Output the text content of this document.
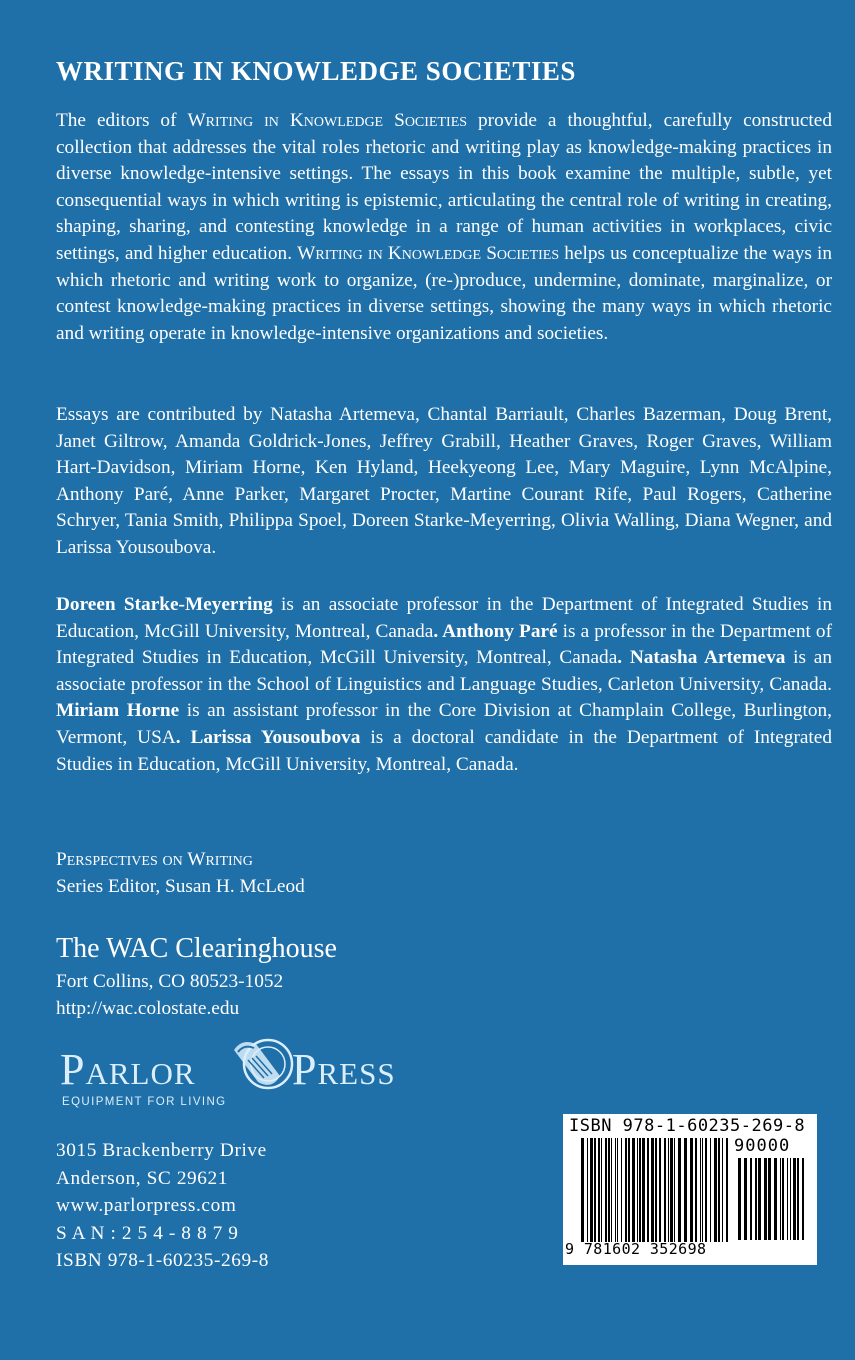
WRITING IN KNOWLEDGE SOCIETIES
The editors of Writing in Knowledge Societies provide a thoughtful, carefully constructed collection that addresses the vital roles rhetoric and writing play as knowledge-making practices in diverse knowledge-intensive settings. The essays in this book examine the multiple, subtle, yet consequential ways in which writing is epistemic, articulating the central role of writing in creating, shaping, sharing, and contesting knowledge in a range of human activities in workplaces, civic settings, and higher education. Writing in Knowledge Societies helps us conceptualize the ways in which rhetoric and writing work to organize, (re-)produce, undermine, dominate, marginalize, or contest knowledge-making practices in diverse settings, showing the many ways in which rhetoric and writing operate in knowledge-intensive organizations and societies.
Essays are contributed by Natasha Artemeva, Chantal Barriault, Charles Bazerman, Doug Brent, Janet Giltrow, Amanda Goldrick-Jones, Jeffrey Grabill, Heather Graves, Roger Graves, William Hart-Davidson, Miriam Horne, Ken Hyland, Heekyeong Lee, Mary Maguire, Lynn McAlpine, Anthony Paré, Anne Parker, Margaret Procter, Martine Courant Rife, Paul Rogers, Catherine Schryer, Tania Smith, Philippa Spoel, Doreen Starke-Meyerring, Olivia Walling, Diana Wegner, and Larissa Yousoubova.
Doreen Starke-Meyerring is an associate professor in the Department of Integrated Studies in Education, McGill University, Montreal, Canada. Anthony Paré is a professor in the Department of Integrated Studies in Education, McGill University, Montreal, Canada. Natasha Artemeva is an associate professor in the School of Linguistics and Language Studies, Carleton University, Canada. Miriam Horne is an assistant professor in the Core Division at Champlain College, Burlington, Vermont, USA. Larissa Yousoubova is a doctoral candidate in the Department of Integrated Studies in Education, McGill University, Montreal, Canada.
Perspectives on Writing
Series Editor, Susan H. McLeod
The WAC Clearinghouse
Fort Collins, CO 80523-1052
http://wac.colostate.edu
Parlor Press
EQUIPMENT FOR LIVING
3015 Brackenberry Drive
Anderson, SC 29621
www.parlorpress.com
S A N : 2 5 4 - 8 8 7 9
ISBN 978-1-60235-269-8
ISBN 978-1-60235-269-8
90000
9 781602 352698
